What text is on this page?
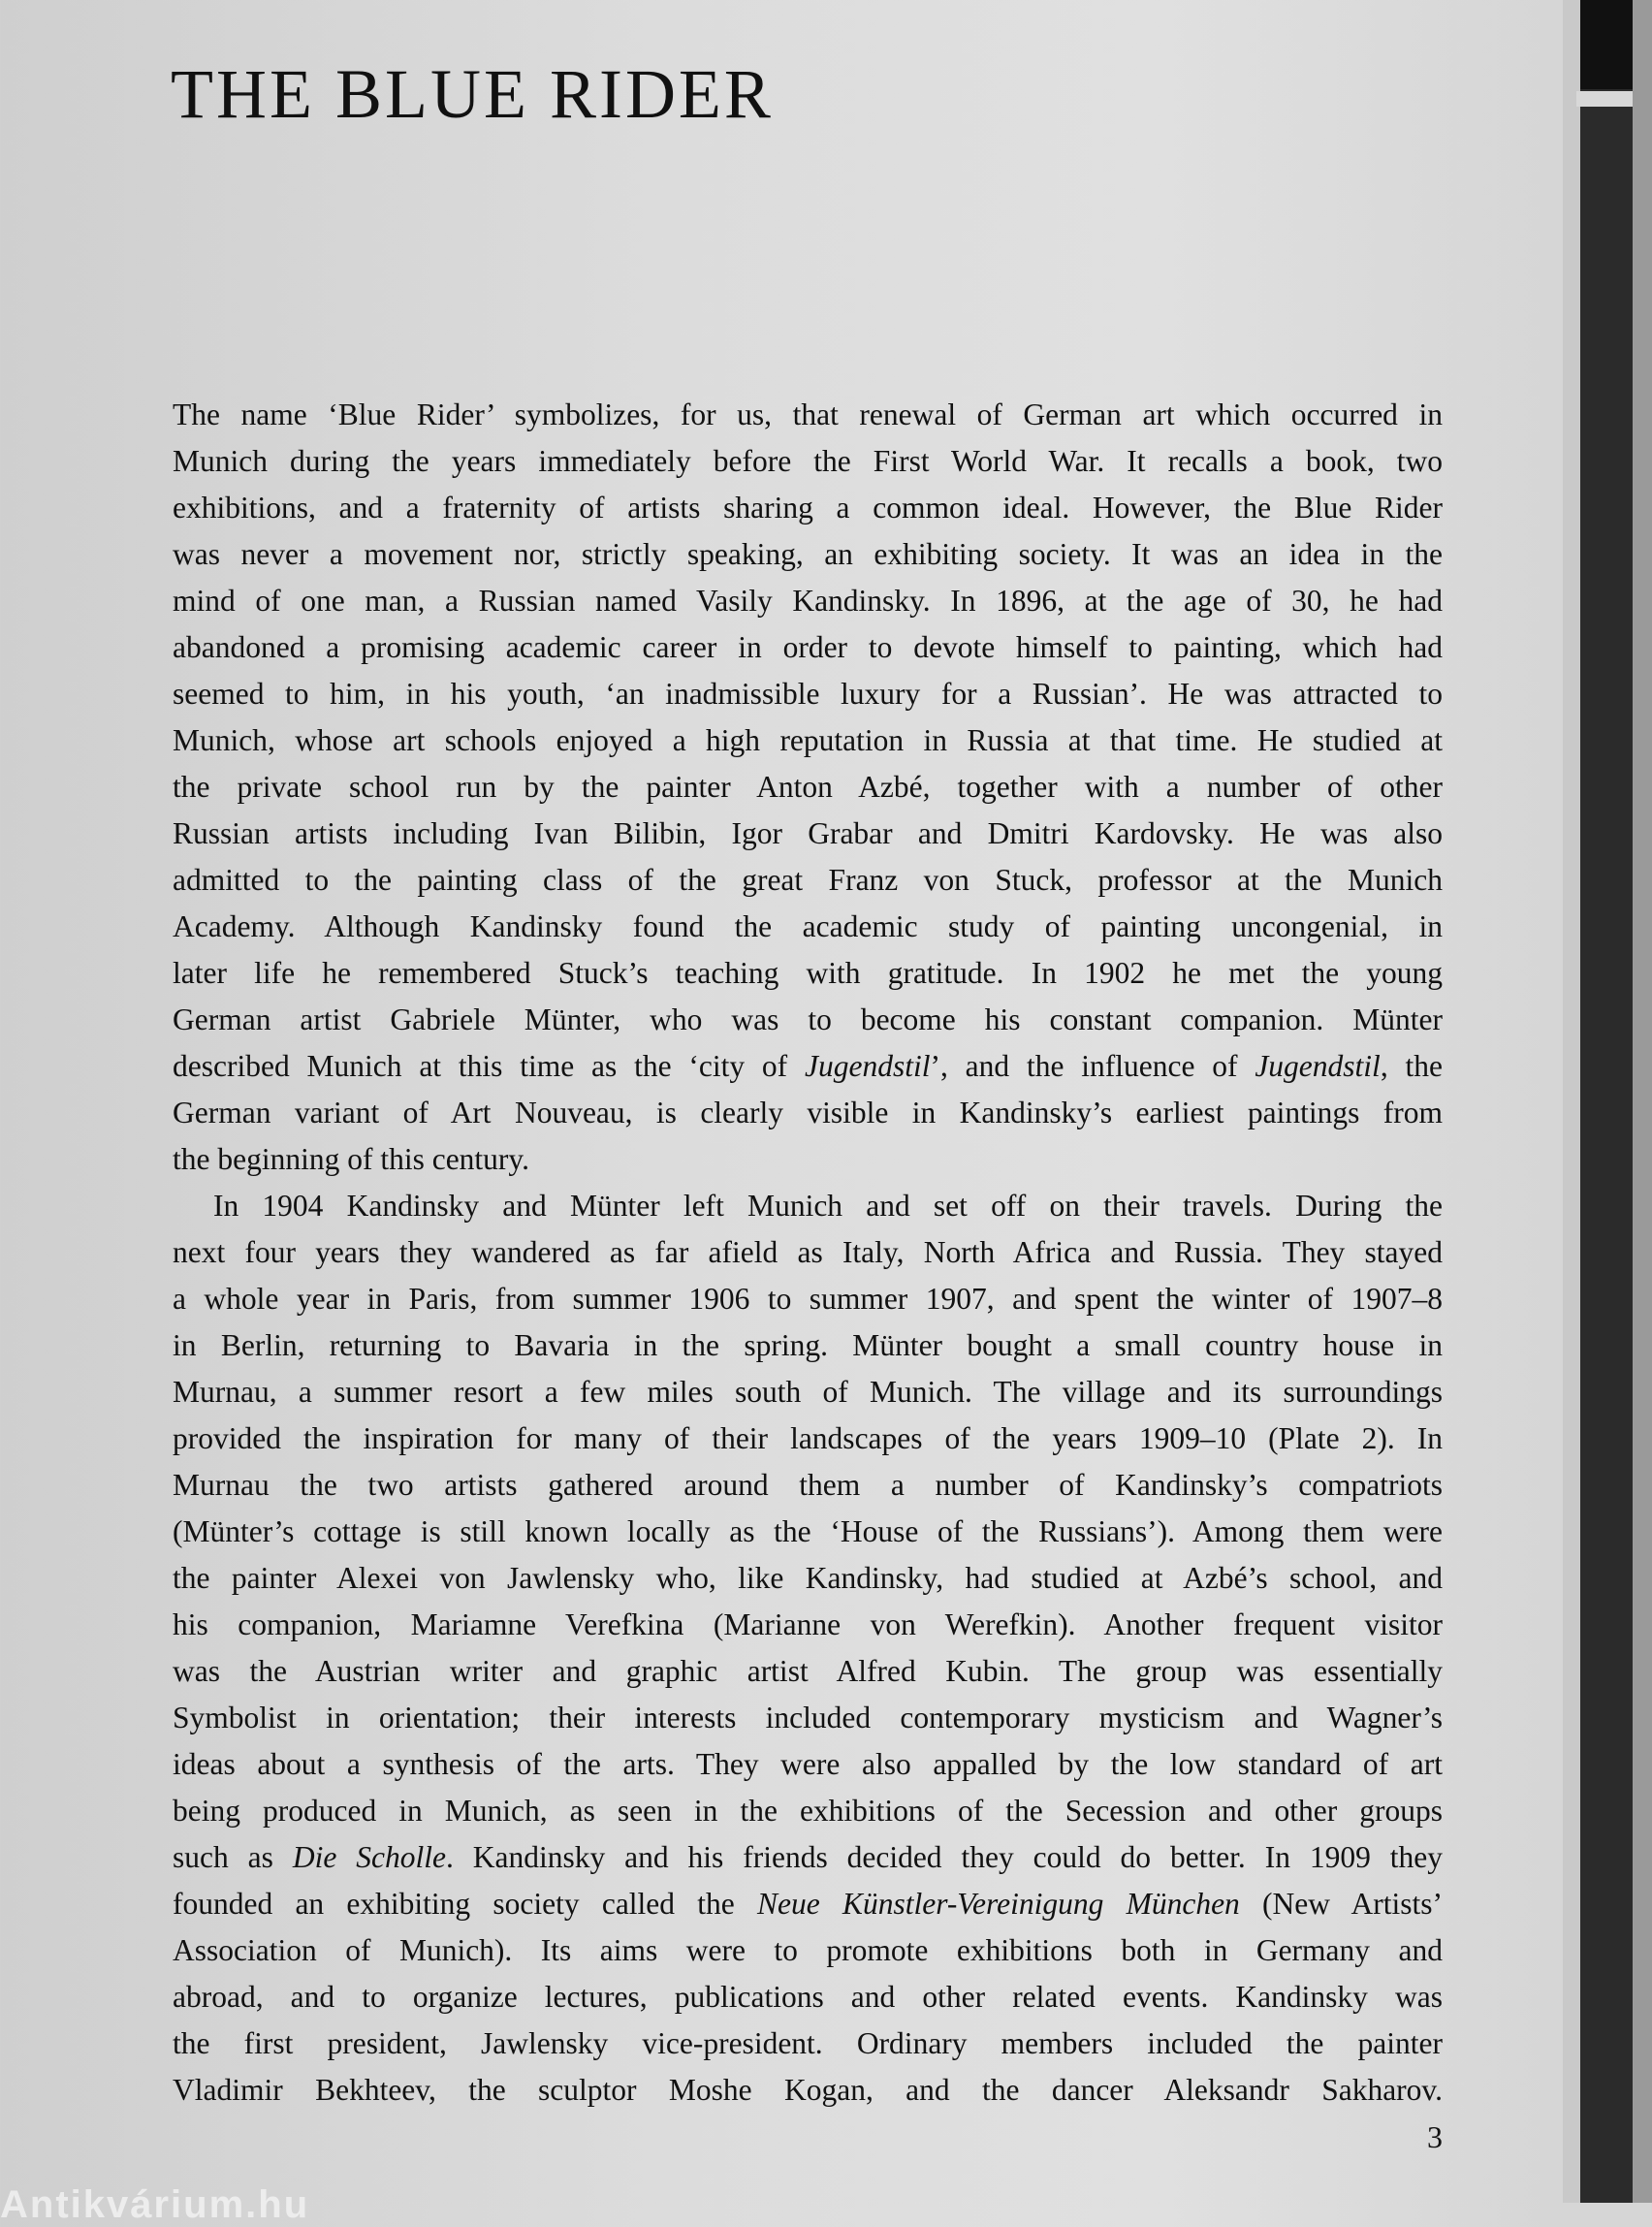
THE BLUE RIDER
The name ‘Blue Rider’ symbolizes, for us, that renewal of German art which occurred in
Munich during the years immediately before the First World War. It recalls a book, two
exhibitions, and a fraternity of artists sharing a common ideal. However, the Blue Rider
was never a movement nor, strictly speaking, an exhibiting society. It was an idea in the
mind of one man, a Russian named Vasily Kandinsky. In 1896, at the age of 30, he had
abandoned a promising academic career in order to devote himself to painting, which had
seemed to him, in his youth, ‘an inadmissible luxury for a Russian’. He was attracted to
Munich, whose art schools enjoyed a high reputation in Russia at that time. He studied at
the private school run by the painter Anton Azbé, together with a number of other
Russian artists including Ivan Bilibin, Igor Grabar and Dmitri Kardovsky. He was also
admitted to the painting class of the great Franz von Stuck, professor at the Munich
Academy. Although Kandinsky found the academic study of painting uncongenial, in
later life he remembered Stuck’s teaching with gratitude. In 1902 he met the young
German artist Gabriele Münter, who was to become his constant companion. Münter
described Munich at this time as the ‘city of Jugendstil’, and the influence of Jugendstil, the
German variant of Art Nouveau, is clearly visible in Kandinsky’s earliest paintings from
the beginning of this century.
In 1904 Kandinsky and Münter left Munich and set off on their travels. During the
next four years they wandered as far afield as Italy, North Africa and Russia. They stayed
a whole year in Paris, from summer 1906 to summer 1907, and spent the winter of 1907–8
in Berlin, returning to Bavaria in the spring. Münter bought a small country house in
Murnau, a summer resort a few miles south of Munich. The village and its surroundings
provided the inspiration for many of their landscapes of the years 1909–10 (Plate 2). In
Murnau the two artists gathered around them a number of Kandinsky’s compatriots
(Münter’s cottage is still known locally as the ‘House of the Russians’). Among them were
the painter Alexei von Jawlensky who, like Kandinsky, had studied at Azbé’s school, and
his companion, Mariamne Verefkina (Marianne von Werefkin). Another frequent visitor
was the Austrian writer and graphic artist Alfred Kubin. The group was essentially
Symbolist in orientation; their interests included contemporary mysticism and Wagner’s
ideas about a synthesis of the arts. They were also appalled by the low standard of art
being produced in Munich, as seen in the exhibitions of the Secession and other groups
such as Die Scholle. Kandinsky and his friends decided they could do better. In 1909 they
founded an exhibiting society called the Neue Künstler-Vereinigung München (New Artists’
Association of Munich). Its aims were to promote exhibitions both in Germany and
abroad, and to organize lectures, publications and other related events. Kandinsky was
the first president, Jawlensky vice-president. Ordinary members included the painter
Vladimir Bekhteev, the sculptor Moshe Kogan, and the dancer Aleksandr Sakharov.
3
Antikvárium.hu
